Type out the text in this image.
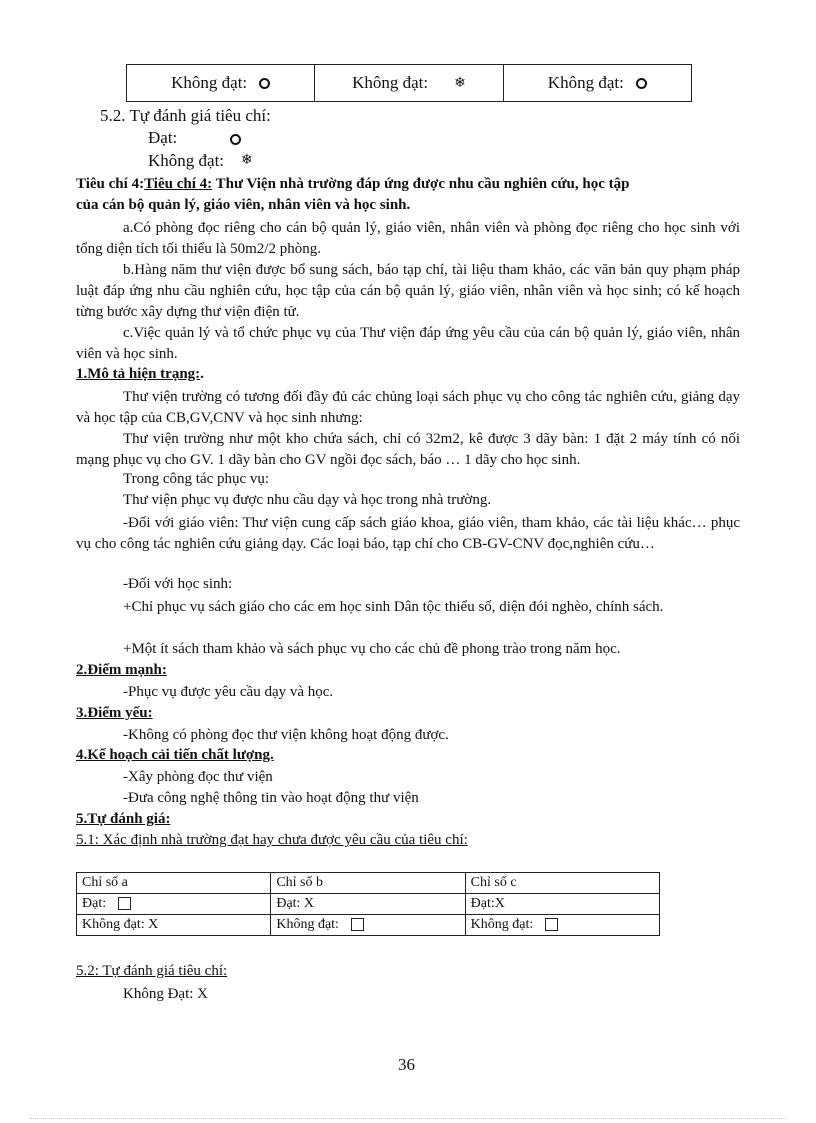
Không đạt:	Không đạt: ❄	Không đạt:
5.2. Tự đánh giá tiêu chí:
Đạt:
Không đạt: ❄
Tiêu chí 4:Tiêu chí 4: Thư Viện nhà trường đáp ứng được nhu cầu nghiên cứu, học tập
của cán bộ quản lý, giáo viên, nhân viên và học sinh.
a.Có phòng đọc riêng cho cán bộ quản lý, giáo viên, nhân viên và phòng đọc riêng cho học sinh với tổng diện tích tối thiểu là 50m2/2 phòng.
b.Hàng năm thư viện được bổ sung sách, báo tạp chí, tài liệu tham khảo, các văn bản quy phạm pháp luật đáp ứng nhu cầu nghiên cứu, học tập của cán bộ quản lý, giáo viên, nhân viên và học sinh; có kế hoạch từng bước xây dựng thư viện điện tử.
c.Việc quản lý và tổ chức phục vụ của Thư viện đáp ứng yêu cầu của cán bộ quản lý, giáo viên, nhân viên và học sinh.
1.Mô tả hiện trạng:.
Thư viện trường có tương đối đầy đủ các chủng loại sách phục vụ cho công tác nghiên cứu, giảng dạy và học tập của CB,GV,CNV và học sinh nhưng:
Thư viện trường như một kho chứa sách, chỉ có 32m2, kê được 3 dãy bàn: 1 đặt 2 máy tính có nối mạng phục vụ cho GV. 1 dãy bàn cho GV ngồi đọc sách, báo … 1 dãy cho học sinh.
Trong công tác phục vụ:
Thư viện phục vụ được nhu cầu dạy và học trong nhà trường.
-Đối với giáo viên: Thư viện cung cấp sách giáo khoa, giáo viên, tham khảo, các tài liệu khác… phục vụ cho công tác nghiên cứu giảng dạy. Các loại báo, tạp chí cho CB-GV-CNV đọc,nghiên cứu…
-Đối với học sinh:
+Chỉ phục vụ sách giáo cho các em học sinh Dân tộc thiểu số, diện đói nghèo, chính sách.
+Một ít sách tham khảo và sách phục vụ cho các chủ đề phong trào trong năm học.
2.Điểm mạnh:
-Phục vụ được yêu cầu dạy và học.
3.Điểm yếu:
-Không có phòng đọc thư viện không hoạt động được.
4.Kế hoạch cải tiến chất lượng.
-Xây phòng đọc thư viện
-Đưa công nghệ thông tin vào hoạt động thư viện
5.Tự đánh giá:
5.1: Xác định nhà trường đạt hay chưa được yêu cầu của tiêu chí:
Chỉ số a	Chỉ số b	Chỉ số c
Đạt:	Đạt: X	Đạt:X
Không đạt: X	Không đạt:	Không đạt:
5.2: Tự đánh giá tiêu chí:
Không Đạt: X
36
